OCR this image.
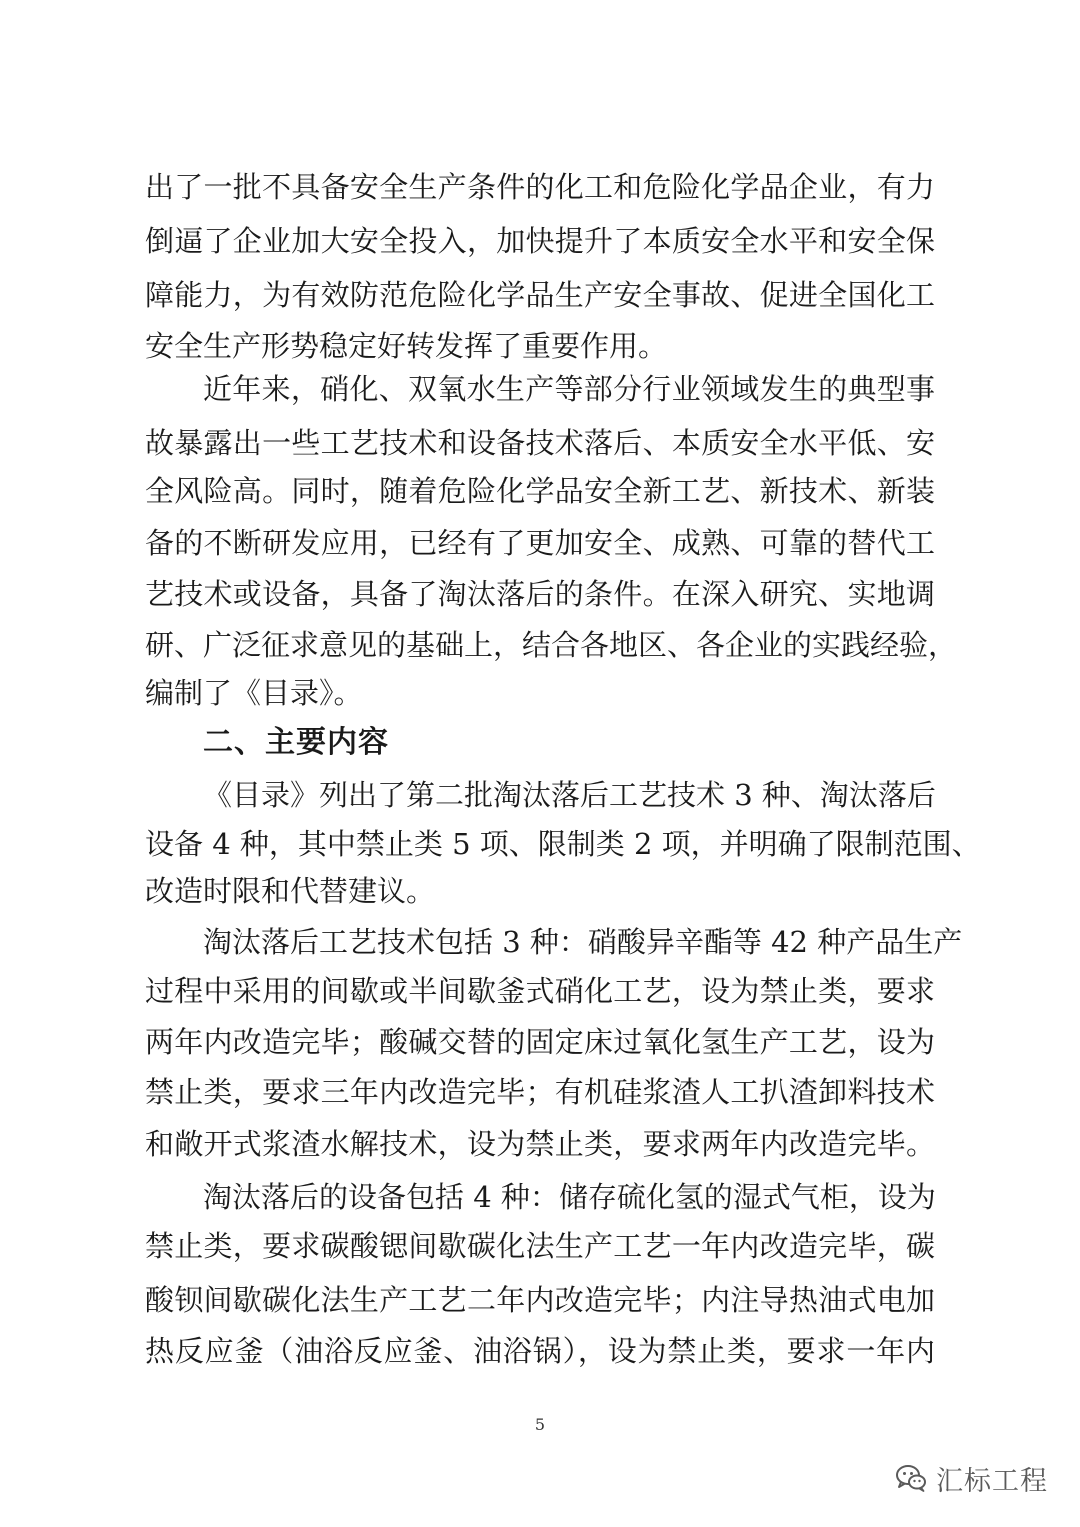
出了一批不具备安全生产条件的化工和危险化学品企业，有力
倒逼了企业加大安全投入，加快提升了本质安全水平和安全保
障能力，为有效防范危险化学品生产安全事故、促进全国化工
安全生产形势稳定好转发挥了重要作用。
近年来，硝化、双氧水生产等部分行业领域发生的典型事
故暴露出一些工艺技术和设备技术落后、本质安全水平低、安
全风险高。同时，随着危险化学品安全新工艺、新技术、新装
备的不断研发应用，已经有了更加安全、成熟、可靠的替代工
艺技术或设备，具备了淘汰落后的条件。在深入研究、实地调
研、广泛征求意见的基础上，结合各地区、各企业的实践经验，
编制了《目录》。
二、主要内容
《目录》列出了第二批淘汰落后工艺技术 3 种、淘汰落后
设备 4 种，其中禁止类 5 项、限制类 2 项，并明确了限制范围、
改造时限和代替建议。
淘汰落后工艺技术包括 3 种：硝酸异辛酯等 42 种产品生产
过程中采用的间歇或半间歇釜式硝化工艺，设为禁止类，要求
两年内改造完毕；酸碱交替的固定床过氧化氢生产工艺，设为
禁止类，要求三年内改造完毕；有机硅浆渣人工扒渣卸料技术
和敞开式浆渣水解技术，设为禁止类，要求两年内改造完毕。
淘汰落后的设备包括 4 种：储存硫化氢的湿式气柜，设为
禁止类，要求碳酸锶间歇碳化法生产工艺一年内改造完毕，碳
酸钡间歇碳化法生产工艺二年内改造完毕；内注导热油式电加
热反应釜（油浴反应釜、油浴锅），设为禁止类，要求一年内
5
汇标工程
